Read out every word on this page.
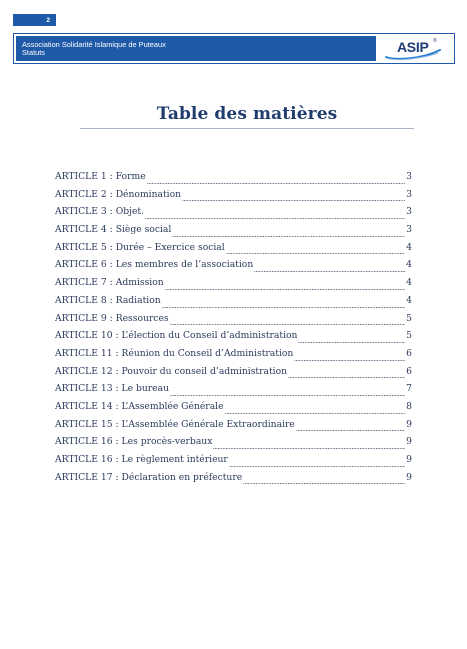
2
Association Solidarité Islamique de Puteaux
Statuts	ASIP ®
Table des matières
ARTICLE 1 : Forme	3
ARTICLE 2 : Dénomination	3
ARTICLE 3 : Objet.	3
ARTICLE 4 : Siège social	3
ARTICLE 5 : Durée – Exercice social	4
ARTICLE 6 : Les membres de l’association	4
ARTICLE 7 : Admission	4
ARTICLE 8 : Radiation	4
ARTICLE 9 : Ressources	5
ARTICLE 10 : L’élection du Conseil d’administration	5
ARTICLE 11 : Réunion du Conseil d’Administration	6
ARTICLE 12 : Pouvoir du conseil d’administration	6
ARTICLE 13 : Le bureau	7
ARTICLE 14 : L’Assemblée Générale	8
ARTICLE 15 : L’Assemblée Générale Extraordinaire	9
ARTICLE 16 : Les procès-verbaux	9
ARTICLE 16 : Le règlement intérieur	9
ARTICLE 17 : Déclaration en préfecture	9
